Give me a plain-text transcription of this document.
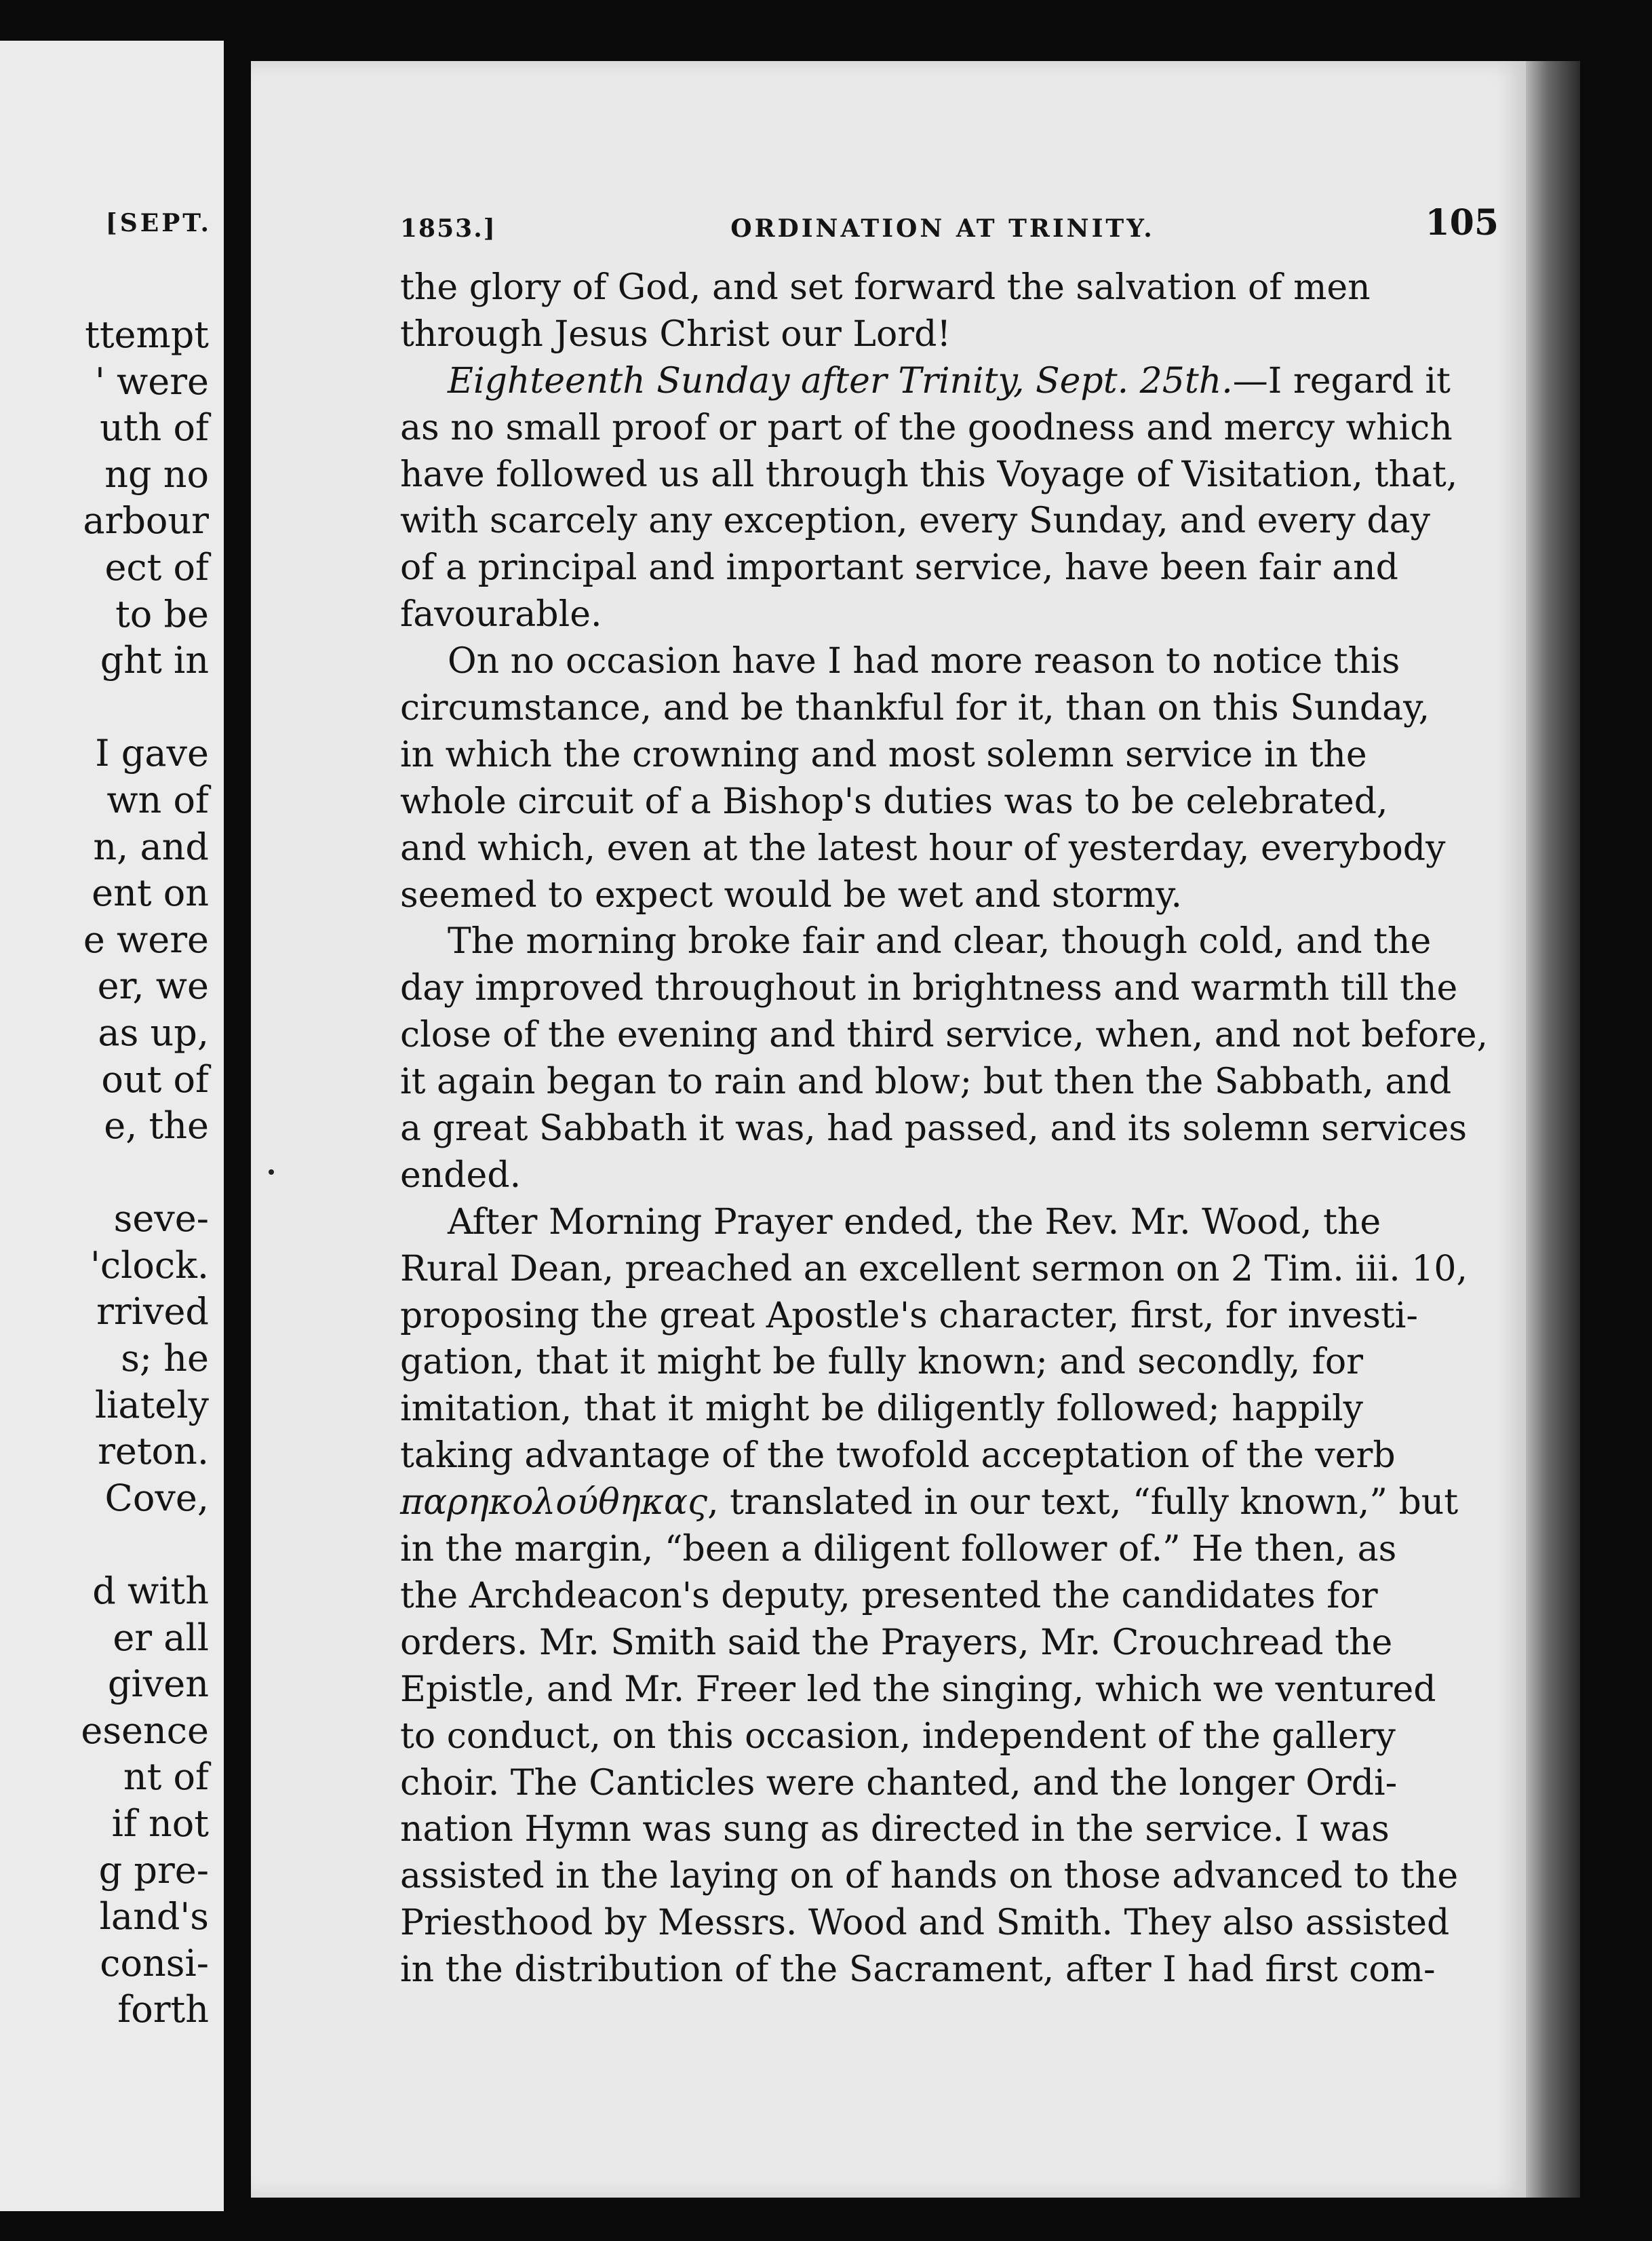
[SEPT.
ttempt
' were
uth of
ng no
arbour
ect of
to be
ght in
I gave
wn of
n, and
ent on
e were
er, we
as up,
out of
e, the
seve-
'clock.
rrived
s; he
liately
reton.
Cove,
d with
er all
given
esence
nt of
if not
g pre-
land's
consi-
forth
1853.]	ORDINATION AT TRINITY.	105
the glory of God, and set forward the salvation of men
through Jesus Christ our Lord!
Eighteenth Sunday after Trinity, Sept. 25th.—I regard it
as no small proof or part of the goodness and mercy which
have followed us all through this Voyage of Visitation, that,
with scarcely any exception, every Sunday, and every day
of a principal and important service, have been fair and
favourable.
On no occasion have I had more reason to notice this
circumstance, and be thankful for it, than on this Sunday,
in which the crowning and most solemn service in the
whole circuit of a Bishop's duties was to be celebrated,
and which, even at the latest hour of yesterday, everybody
seemed to expect would be wet and stormy.
The morning broke fair and clear, though cold, and the
day improved throughout in brightness and warmth till the
close of the evening and third service, when, and not before,
it again began to rain and blow; but then the Sabbath, and
a great Sabbath it was, had passed, and its solemn services
ended.
After Morning Prayer ended, the Rev. Mr. Wood, the
Rural Dean, preached an excellent sermon on 2 Tim. iii. 10,
proposing the great Apostle's character, first, for investi-
gation, that it might be fully known; and secondly, for
imitation, that it might be diligently followed; happily
taking advantage of the twofold acceptation of the verb
παρηκολούθηκας, translated in our text, “fully known,” but
in the margin, “been a diligent follower of.” He then, as
the Archdeacon's deputy, presented the candidates for
orders. Mr. Smith said the Prayers, Mr. Crouchread the
Epistle, and Mr. Freer led the singing, which we ventured
to conduct, on this occasion, independent of the gallery
choir. The Canticles were chanted, and the longer Ordi-
nation Hymn was sung as directed in the service. I was
assisted in the laying on of hands on those advanced to the
Priesthood by Messrs. Wood and Smith. They also assisted
in the distribution of the Sacrament, after I had first com-
